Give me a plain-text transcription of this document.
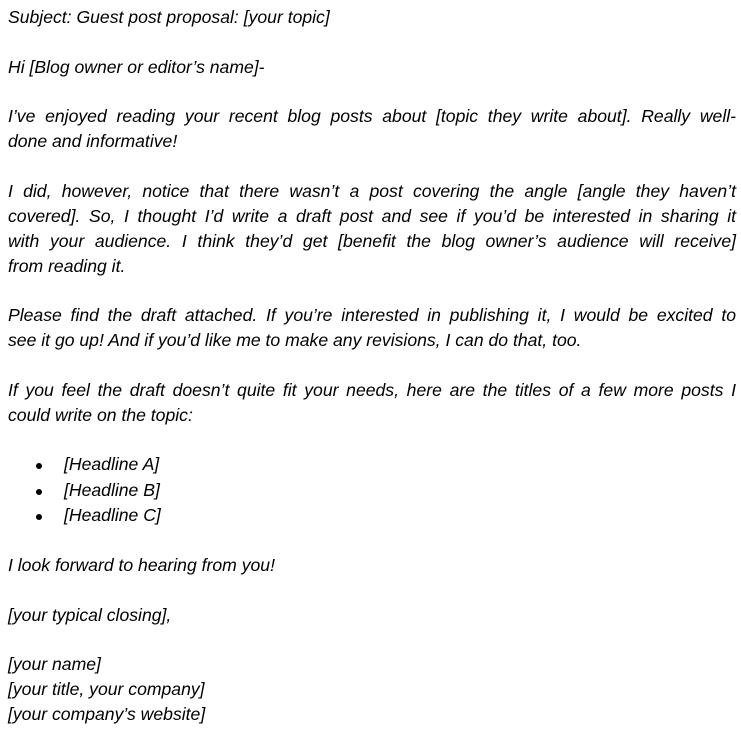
Subject: Guest post proposal: [your topic]
Hi [Blog owner or editor’s name]-
I’ve enjoyed reading your recent blog posts about [topic they write about]. Really well-
done and informative!
I did, however, notice that there wasn’t a post covering the angle [angle they haven’t
covered]. So, I thought I’d write a draft post and see if you’d be interested in sharing it
with your audience. I think they’d get [benefit the blog owner’s audience will receive]
from reading it.
Please find the draft attached. If you’re interested in publishing it, I would be excited to
see it go up! And if you’d like me to make any revisions, I can do that, too.
If you feel the draft doesn’t quite fit your needs, here are the titles of a few more posts I
could write on the topic:
[Headline A]
[Headline B]
[Headline C]
I look forward to hearing from you!
[your typical closing],
[your name]
[your title, your company]
[your company’s website]
